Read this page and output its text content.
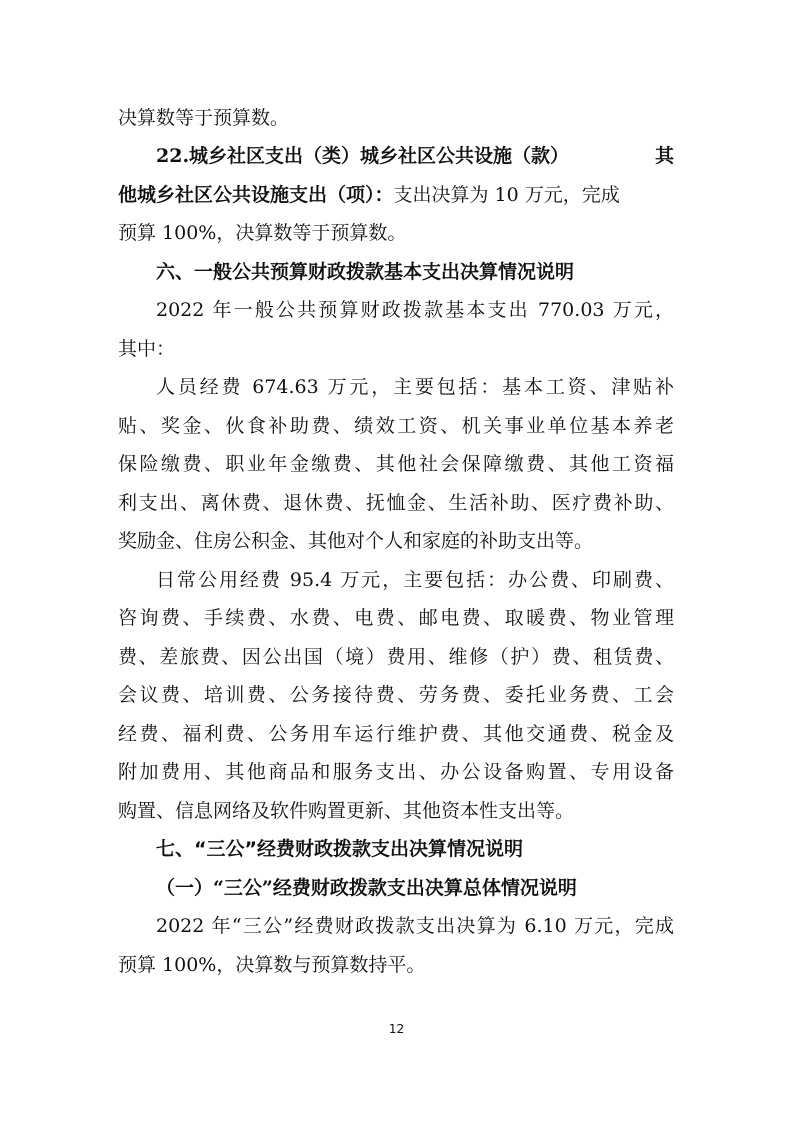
决算数等于预算数。
22.城乡社区支出（类）城乡社区公共设施（款）	其
他城乡社区公共设施支出（项）：支出决算为 10 万元，完成
预算 100%，决算数等于预算数。
六、一般公共预算财政拨款基本支出决算情况说明
2022 年一般公共预算财政拨款基本支出 770.03 万元，
其中：
人员经费 674.63 万元，主要包括：基本工资、津贴补
贴、奖金、伙食补助费、绩效工资、机关事业单位基本养老
保险缴费、职业年金缴费、其他社会保障缴费、其他工资福
利支出、离休费、退休费、抚恤金、生活补助、医疗费补助、
奖励金、住房公积金、其他对个人和家庭的补助支出等。
日常公用经费 95.4 万元，主要包括：办公费、印刷费、
咨询费、手续费、水费、电费、邮电费、取暖费、物业管理
费、差旅费、因公出国（境）费用、维修（护）费、租赁费、
会议费、培训费、公务接待费、劳务费、委托业务费、工会
经费、福利费、公务用车运行维护费、其他交通费、税金及
附加费用、其他商品和服务支出、办公设备购置、专用设备
购置、信息网络及软件购置更新、其他资本性支出等。
七、“三公”经费财政拨款支出决算情况说明
（一）“三公”经费财政拨款支出决算总体情况说明
2022 年“三公”经费财政拨款支出决算为 6.10 万元，完成
预算 100%，决算数与预算数持平。
12
